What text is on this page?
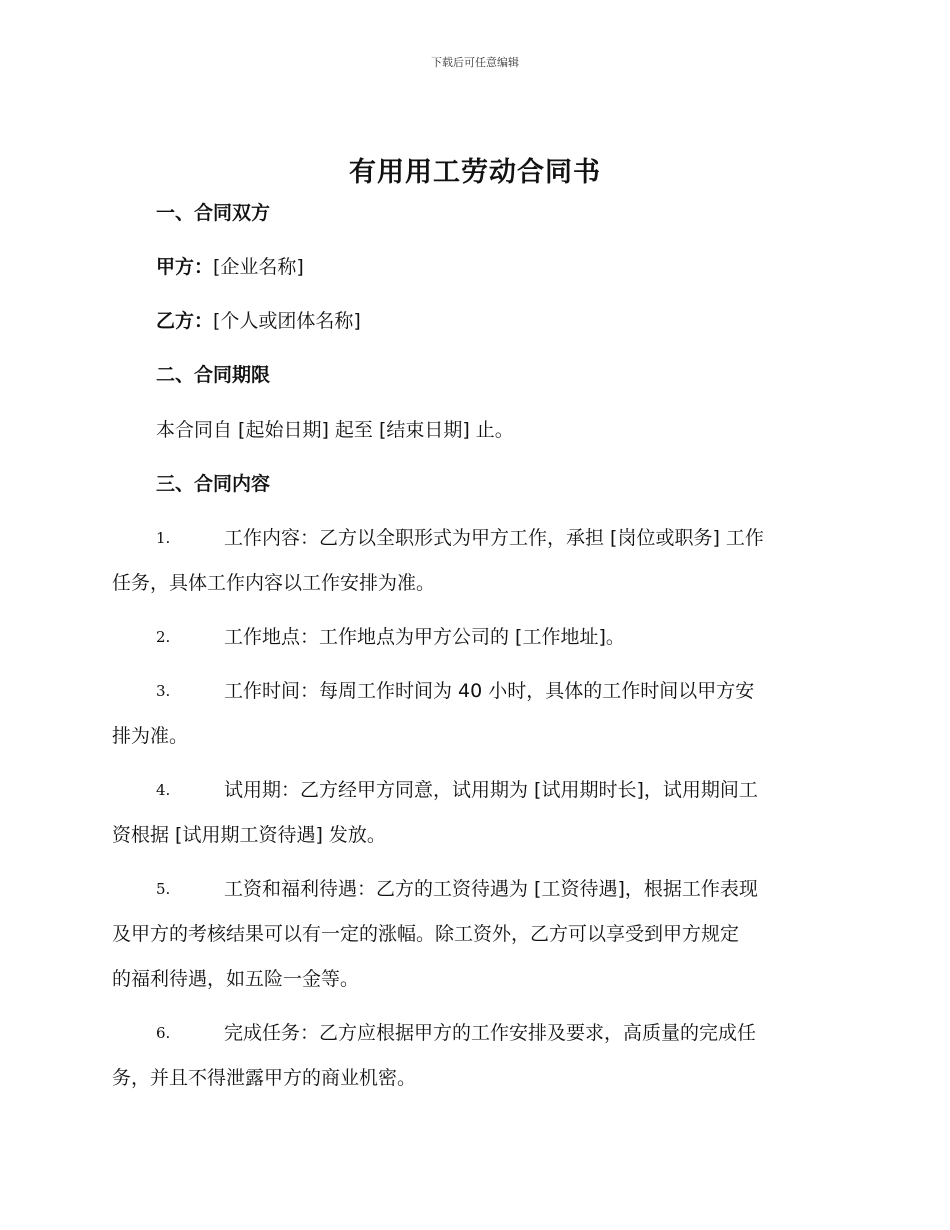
下载后可任意编辑
有用用工劳动合同书
一、合同双方
甲方：[企业名称]
乙方：[个人或团体名称]
二、合同期限
本合同自 [起始日期] 起至 [结束日期] 止。
三、合同内容
1.	工作内容：乙方以全职形式为甲方工作，承担 [岗位或职务] 工作
任务，具体工作内容以工作安排为准。
2.	工作地点：工作地点为甲方公司的 [工作地址]。
3.	工作时间：每周工作时间为 40 小时，具体的工作时间以甲方安
排为准。
4.	试用期：乙方经甲方同意，试用期为 [试用期时长]，试用期间工
资根据 [试用期工资待遇] 发放。
5.	工资和福利待遇：乙方的工资待遇为 [工资待遇]，根据工作表现
及甲方的考核结果可以有一定的涨幅。除工资外，乙方可以享受到甲方规定
的福利待遇，如五险一金等。
6.	完成任务：乙方应根据甲方的工作安排及要求，高质量的完成任
务，并且不得泄露甲方的商业机密。
